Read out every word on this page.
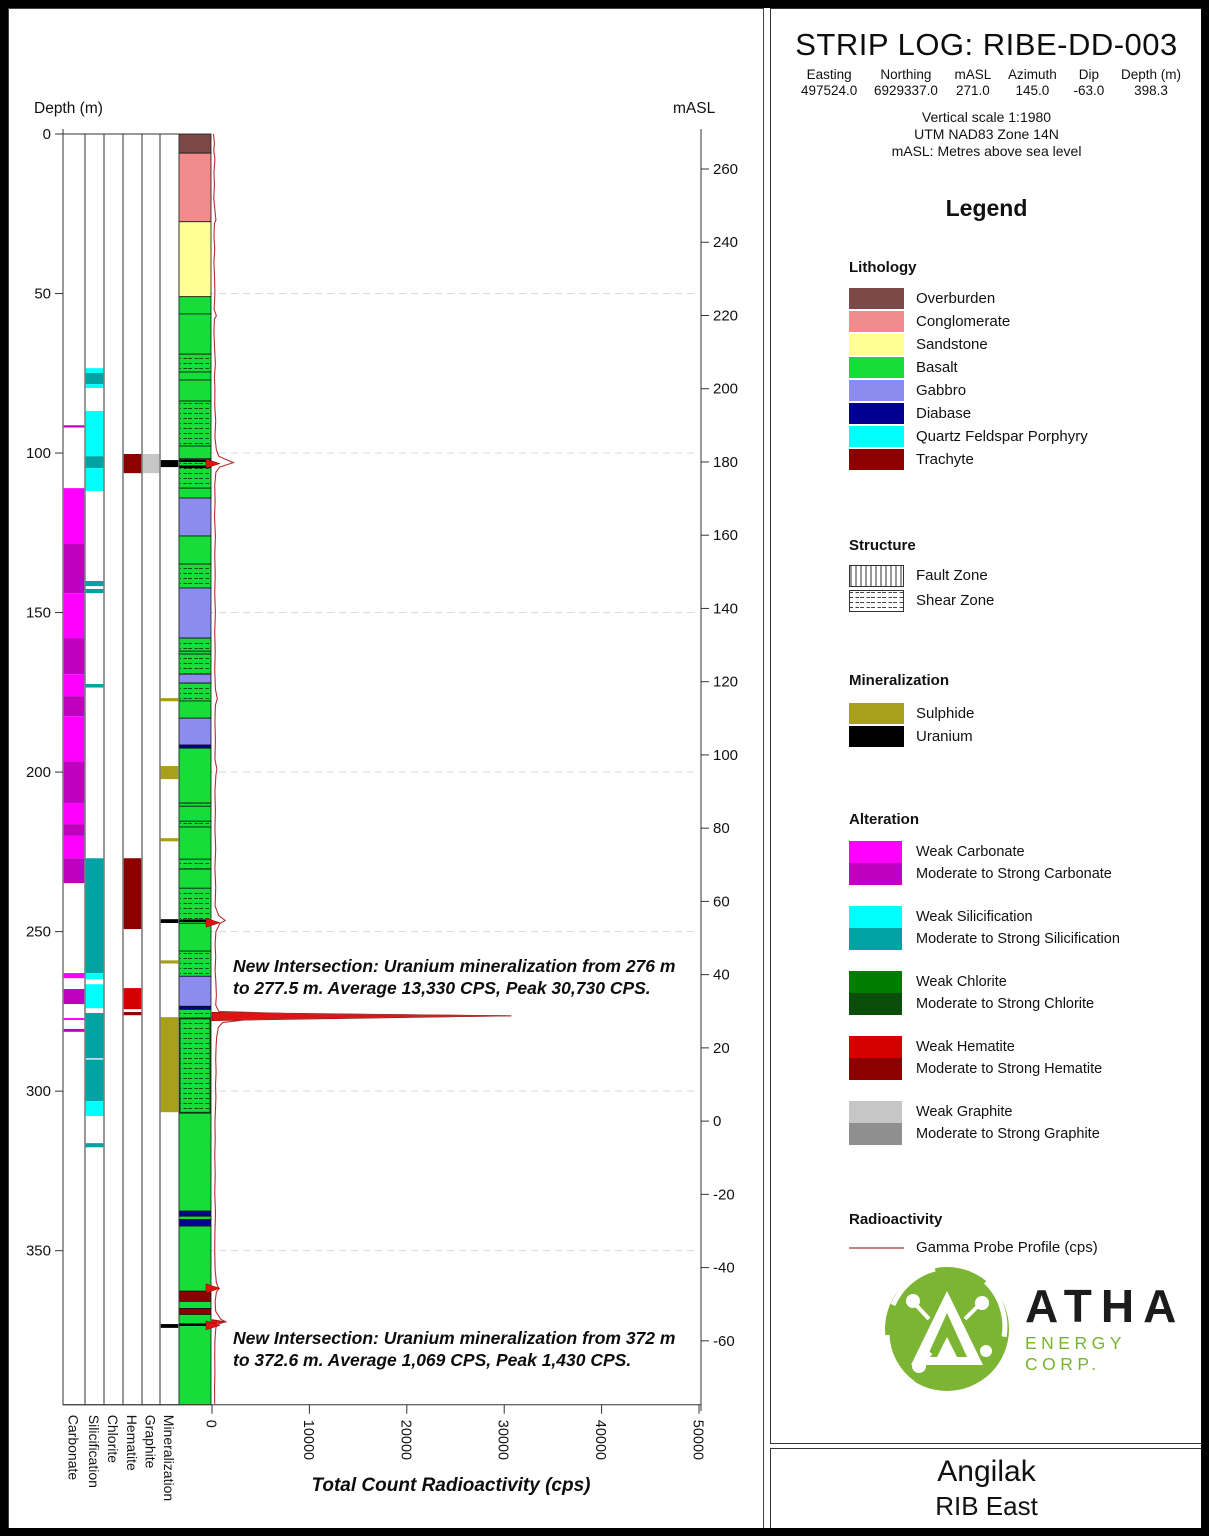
0
50
100
150
200
250
300
350
260
240
220
200
180
160
140
120
100
80
60
40
20
0
-20
-40
-60
0	10000	20000	30000	40000	50000
Carbonate Silicification Chlorite Hematite Graphite Mineralization
Depth (m)	mASL
New Intersection: Uranium mineralization from 276 m
to 277.5 m. Average 13,330 CPS, Peak 30,730 CPS.
New Intersection: Uranium mineralization from 372 m
to 372.6 m. Average 1,069 CPS, Peak 1,430 CPS.
Total Count Radioactivity (cps)
STRIP LOG: RIBE-DD-003
Easting
497524.0
Northing
6929337.0
mASL
271.0
Azimuth
145.0
Dip
-63.0
Depth (m)
398.3
Vertical scale 1:1980
UTM NAD83 Zone 14N
mASL: Metres above sea level
Legend
Lithology
Overburden
Conglomerate
Sandstone
Basalt
Gabbro
Diabase
Quartz Feldspar Porphyry
Trachyte
Structure
Fault Zone
Shear Zone
Mineralization
Sulphide
Uranium
Alteration
Weak Carbonate
Moderate to Strong Carbonate
Weak Silicification
Moderate to Strong Silicification
Weak Chlorite
Moderate to Strong Chlorite
Weak Hematite
Moderate to Strong Hematite
Weak Graphite
Moderate to Strong Graphite
Radioactivity
Gamma Probe Profile (cps)
ATHA
ENERGY CORP.
Angilak
RIB East
